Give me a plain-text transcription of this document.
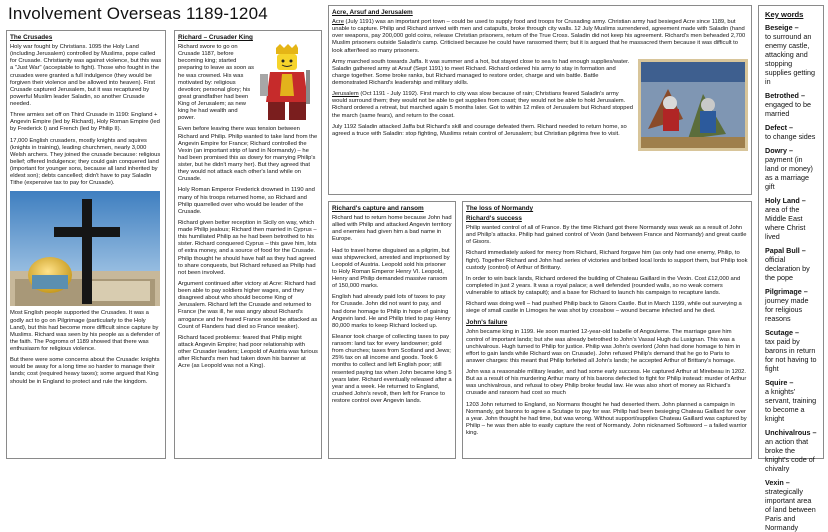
Involvement Overseas 1189-1204
The Crusades

Holy war fought by Christians. 1095 the Holy Land (including Jerusalem) controlled by Muslims, pope called for Crusade. Christianity was against violence, but this was a "Just War" (acceptable to fight). Those who fought in the crusades were granted a full indulgence (they would be forgiven their violence and be allowed into heaven). First Crusade captured Jerusalem, but it was recaptured by powerful Muslim leader Saladin, so another Crusade needed.

Three armies set off on Third Crusade in 1190: England + Angevin Empire (led by Richard), Holy Roman Empire (led by Frederick I) and French (led by Philip II).

17,000 English crusaders, mostly knights and squires (knights in training), leading churchmen, nearly 3,000 Welsh archers. They joined the crusade because: religious belief; offered Indulgence; they could gain conquered land (important for younger sons, because all land inherited by eldest son); debts cancelled; didn't have to pay Saladin Tithe (expensive tax to pay for Crusade).

Most English people supported the Crusades. It was a godly act to go on Pilgrimage (particularly to the Holy Land), but this had become more difficult since capture by Muslims. Richard was seen by his people as a defender of the faith. The Pogroms of 1189 showed that there was enthusiasm for religious violence.

But there were some concerns about the Crusade: knights would be away for a long time so harder to manage their lands; cost (required heavy taxes); some argued that King should be in England to protect and rule the kingdom.

Richard – Crusader King

Richard swore to go on Crusade 1187, before becoming king; started preparing to leave as soon as he was crowned. His was motivated by: religious devotion; personal glory; his great grandfather had been King of Jerusalem; as new king he had wealth and power.

Even before leaving there was tension between Richard and Philip. Philip wanted to take land from the Angevin Empire for France; Richard controlled the Vexin (an important strip of land in Normandy) – he had been promised this as dowry for marrying Philip's sister, but he didn't marry her). But they agreed that they would not attack each other's land while on Crusade.

Holy Roman Emperor Frederick drowned in 1190 and many of his troops returned home, so Richard and Philip quarrelled over who would be leader of the Crusade.

Richard given better reception in Sicily on way, which made Philip jealous; Richard then married in Cyprus – this humiliated Philip as he had been betrothed to his sister. Richard conquered Cyprus – this gave him, lots of extra money, and a source of food for the Crusade. Philip thought he should have half as they had agreed to share conquests, but Richard refused as Philip had not been involved.

Argument continued after victory at Acre: Richard had been able to pay soldiers higher wages, and they disagreed about who should become King of Jerusalem. Richard left the Crusade and returned to France (he was ill, he was angry about Richard's arrogance and he feared France would be attacked as Count of Flanders had died so France weaker).

Richard faced problems: feared that Philip might attack Angevin Empire; had poor relationship with other Crusader leaders; Leopold of Austria was furious after Richard's men had taken down his banner at Acre (as Leopold was not a King).

Acre, Arsuf and Jerusalem

Acre (July 1191) was an important port town – could be used to supply food and troops for Crusading army. Christian army had besieged Acre since 1189, but unable to capture. Philip and Richard arrived with men and catapults, broke through city walls. 12 July Muslims surrendered, agreement made with Saladin (hand over weapons, pay 200,000 gold coins, release Christian prisoners, return of the True Cross. Saladin did not keep his agreement. Richard's men beheaded 2,700 Muslim prisoners outside Saladin's camp. Criticised because he could have ransomed them; but it is argued that he massacred them because it was difficult to look after/feed so many prisoners.

Army marched south towards Jaffa. It was summer and a hot, but stayed close to sea to had enough supplies/water. Saladin gathered army at Arsuf (Sept 1191) to meet Richard. Richard ordered his army to stay in formation and charge together. Some broke ranks, but Richard managed to restore order, charge and win battle. Battle demonstrated Richard's leadership and military skills.

Jerusalem (Oct 1191 - July 1192). First march to city was slow because of rain; Christians feared Saladin's army would surround them; they would not be able to get supplies from coast; they would not be able to hold Jerusalem. Richard ordered a retreat, but marched again 5 months later. Got to within 12 miles of Jerusalem but Richard stopped the march (same fears), and return to the coast.

July 1192 Saladin attacked Jaffa but Richard's skill and courage defeated them. Richard needed to return home, so agreed a truce with Saladin: stop fighting, Muslims retain control of Jerusalem; but Christian pilgrims free to visit.

Richard's capture and ransom

Richard had to return home because John had allied with Philip and attacked Angevin territory and enemies had given him a bad name in Europe.

Had to travel home disguised as a pilgrim, but was shipwrecked, arrested and imprisoned by Leopold of Austria. Leopold sold his prisoner to Holy Roman Emperor Henry VI. Leopold, Henry and Philip demanded massive ransom of 150,000 marks.

English had already paid lots of taxes to pay for Crusade. John did not want to pay, and had done homage to Philip in hope of gaining Angevin land. He and Philip tried to pay Henry 80,000 marks to keep Richard locked up.

Eleanor took charge of collecting taxes to pay ransom: land tax for every landowner; gold from churches; taxes from Scotland and Jews; 25% tax on all income and goods. Took 6 months to collect and left English poor; still resented paying tax when John became king 5 years later. Richard eventually released after a year and a week. He returned to England, crushed John's revolt, then left for France to restore control over Angevin lands.

The loss of Normandy
Richard's success

Philip wanted control of all of France. By the time Richard got there Normandy was weak as a result of John and Philip's attacks. Philip had gained control of Vexin (land between France and Normandy) and great castle of Gisors.

Richard immediately asked for mercy from Richard, Richard forgave him (as only had one enemy, Philip, to fight). Together Richard and John had series of victories and bribed local lords to support them, but Philip took custody (control) of Arthur of Brittany.

In order to win back lands, Richard ordered the building of Chateau Gaillard in the Vexin. Cost £12,000 and completed in just 2 years. It was a royal palace; a well defended (rounded walls, so no weak corners vulnerable to attack by catapult); and a base for Richard to launch his campaign to recapture lands.

Richard was doing well – had pushed Philip back to Gisors Castle. But in March 1199, while out surveying a siege of small castle in Limoges he was shot by crossbow – wound became infected and he died.

John's failure

John became king in 1199. He soon married 12-year-old Isabelle of Angouleme. The marriage gave him control of important lands; but she was already betrothed to John's Vassal Hugh du Lusignan. This was a unchivalrous. Hugh turned to Philip for justice. Philip was John's overlord (John had done homage to him in effort to gain lands while Richard was on Crusade). John refused Philip's demand that he go to Paris to answer charges: this meant that Philip forfeited all John's lands; he accepted Arthur of Brittany's homage.

John was a reasonable military leader, and had some early success. He captured Arthur at Mirebeau in 1202. But as a result of his murdering Arthur many of his barons defected to fight for Philip instead: murder of Arthur was unchivalrous, and refusal to obey Philip broke feudal law. He was also short of money as Richard's crusade and ransom had cost so much

1203 John returned to England, so Normans thought he had deserted them. John planned a campaign in Normandy, got barons to agree a Scutage to pay for war. Philip had been besieging Chateau Gaillard for over a year. John thought he had time, but was wrong. Without support/supplies Chateau Gaillard was captured by Philip – he was then able to easily capture the rest of Normandy. John nicknamed Softsword – a failed warrior king.

Key words
Beseige –
to surround an enemy castle, attacking and stopping supplies getting in
Betrothed –
engaged to be married
Defect –
to change sides
Dowry –
payment (in land or money) as a marriage gift
Holy Land –
area of the Middle East where Christ lived
Papal Bull –
official declaration by the pope
Pilgrimage –
journey made for religious reasons
Scutage –
tax paid by barons in return for not having to fight
Squire –
a knights' servant, training to become a knight
Unchivalrous –
an action that broke the knight's code of chivalry
Vexin –
strategically important area of land between Paris and Normandy
